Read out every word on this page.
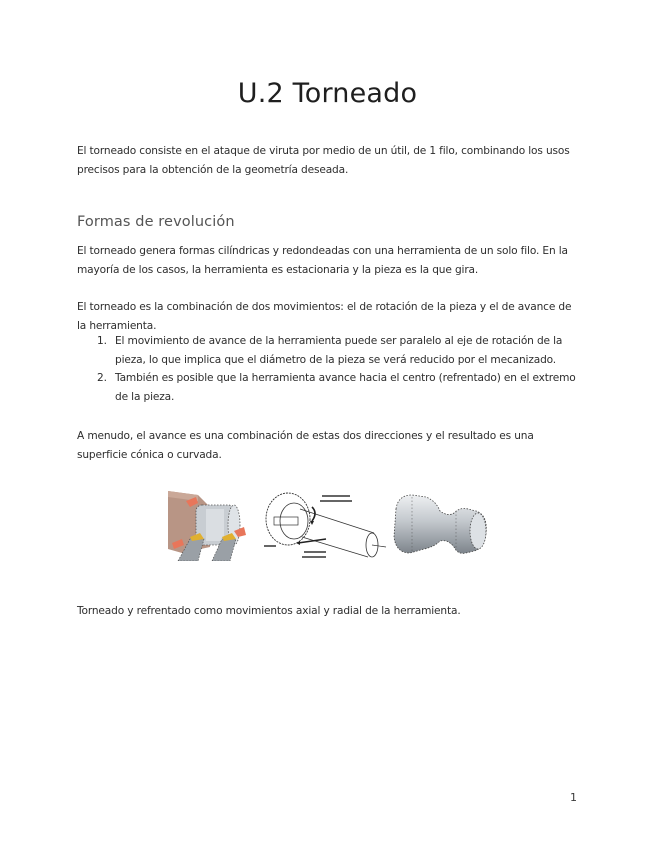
U.2 Torneado

El torneado consiste en el ataque de viruta por medio de un útil, de 1 filo, combinando los usos precisos para la obtención de la geometría deseada.

Formas de revolución

El torneado genera formas cilíndricas y redondeadas con una herramienta de un solo filo. En la mayoría de los casos, la herramienta es estacionaria y la pieza es la que gira.

El torneado es la combinación de dos movimientos: el de rotación de la pieza y el de avance de la herramienta.

1. El movimiento de avance de la herramienta puede ser paralelo al eje de rotación de la pieza, lo que implica que el diámetro de la pieza se verá reducido por el mecanizado.
2. También es posible que la herramienta avance hacia el centro (refrentado) en el extremo de la pieza.

A menudo, el avance es una combinación de estas dos direcciones y el resultado es una superficie cónica o curvada.

Torneado y refrentado como movimientos axial y radial de la herramienta.

1
